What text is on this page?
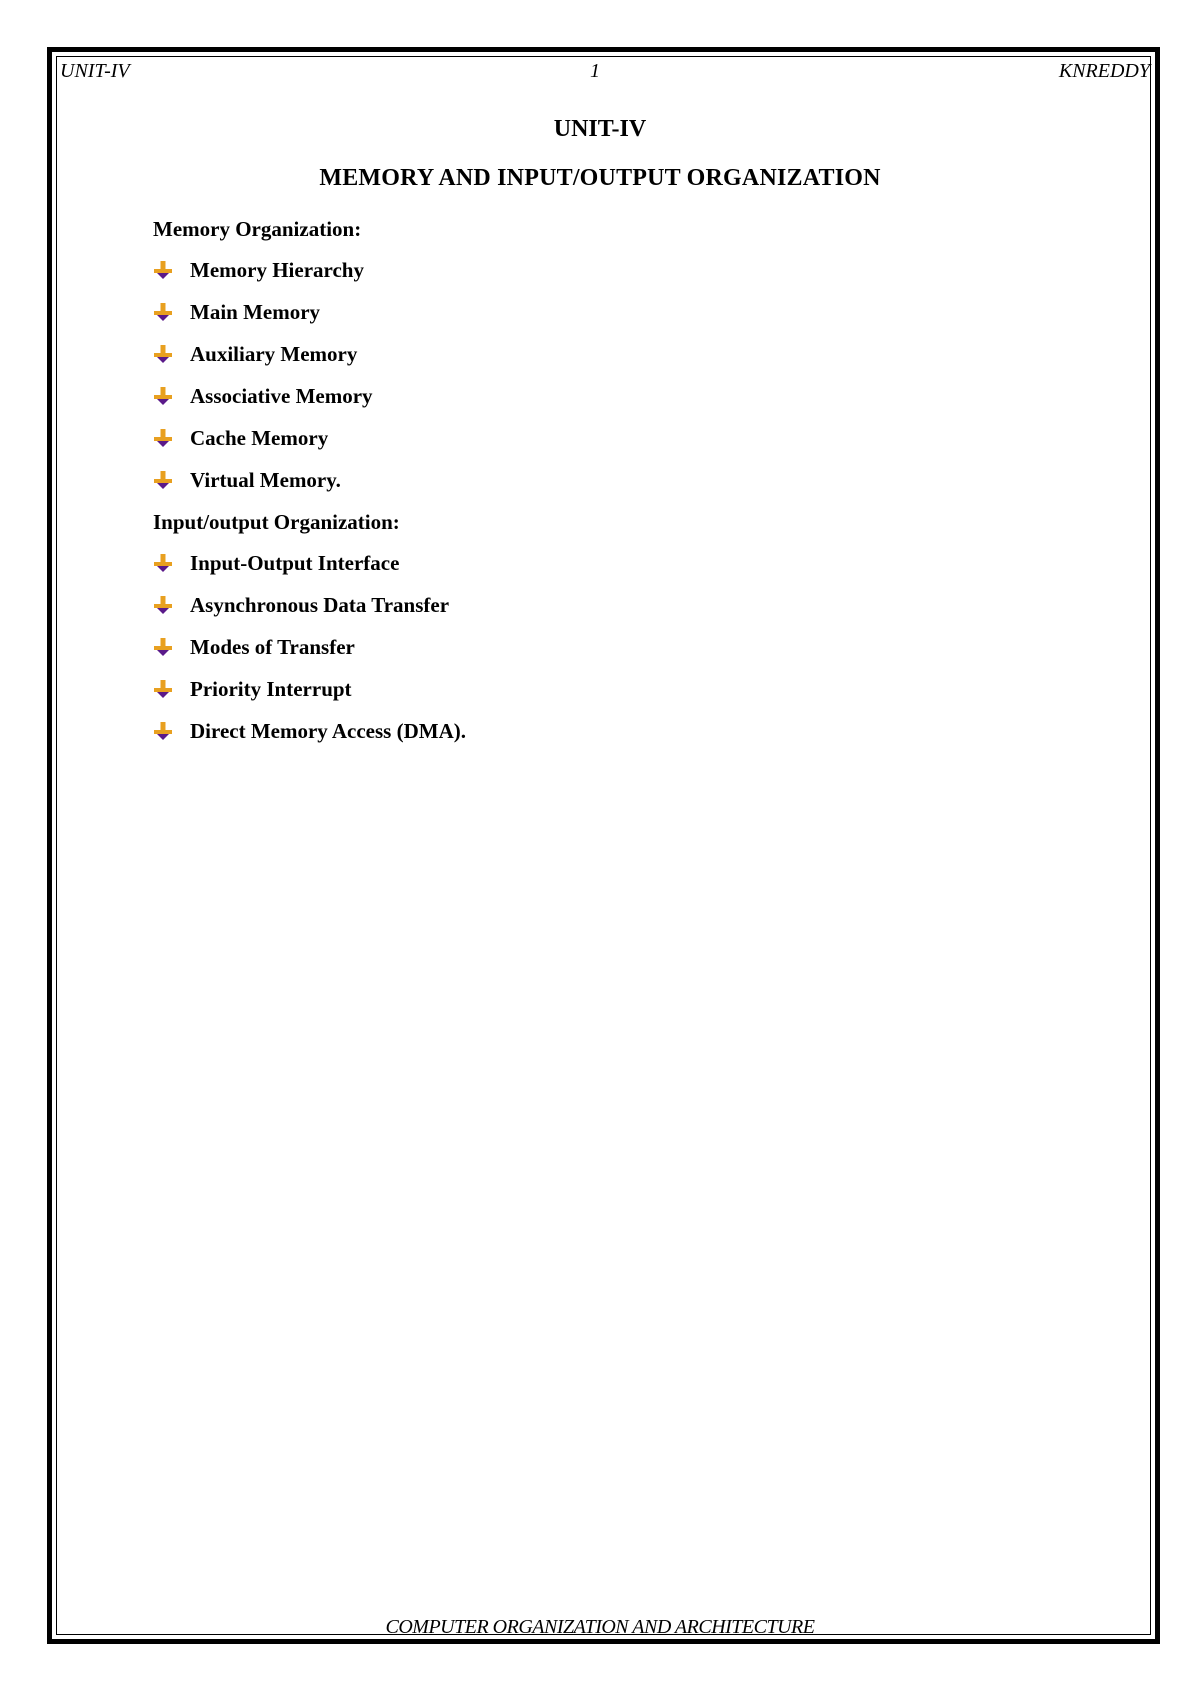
UNIT-IV	1	KNREDDY
UNIT-IV
MEMORY AND INPUT/OUTPUT ORGANIZATION
Memory Organization:
Memory Hierarchy
Main Memory
Auxiliary Memory
Associative Memory
Cache Memory
Virtual Memory.
Input/output Organization:
Input-Output Interface
Asynchronous Data Transfer
Modes of Transfer
Priority Interrupt
Direct Memory Access (DMA).
COMPUTER ORGANIZATION AND ARCHITECTURE
